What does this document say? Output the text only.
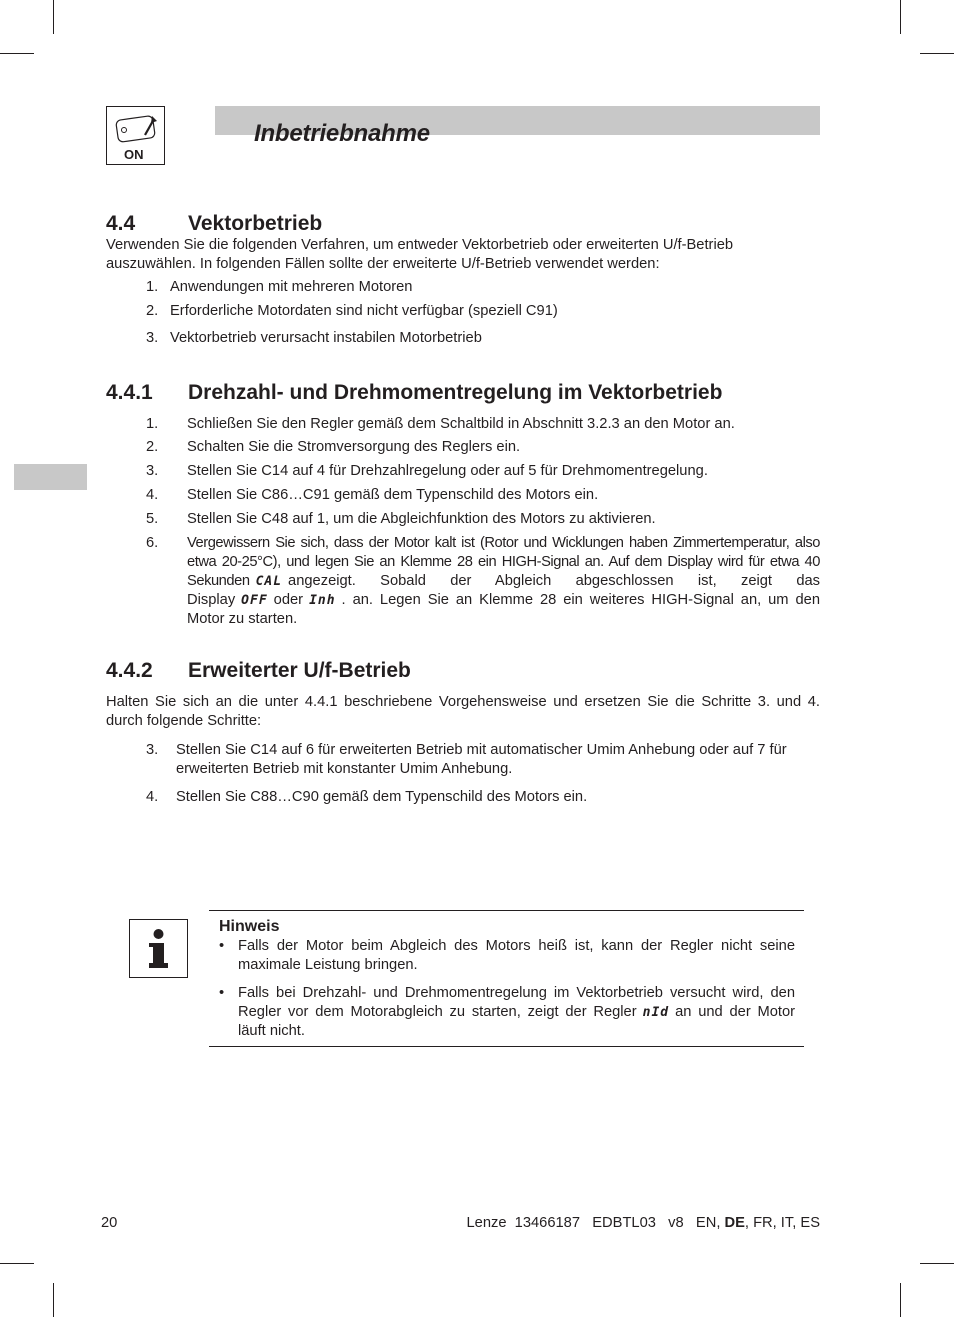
ON
Inbetriebnahme
4.4	Vektorbetrieb
Verwenden Sie die folgenden Verfahren, um entweder Vektorbetrieb oder erweiterten U/f-Betrieb auszuwählen. In folgenden Fällen sollte der erweiterte U/f-Betrieb verwendet werden:
1. Anwendungen mit mehreren Motoren
2. Erforderliche Motordaten sind nicht verfügbar (speziell C91)
3. Vektorbetrieb verursacht instabilen Motorbetrieb
4.4.1 Drehzahl- und Drehmomentregelung im Vektorbetrieb
1. Schließen Sie den Regler gemäß dem Schaltbild in Abschnitt 3.2.3 an den Motor an.
2. Schalten Sie die Stromversorgung des Reglers ein.
3. Stellen Sie C14 auf 4 für Drehzahlregelung oder auf 5 für Drehmomentregelung.
4. Stellen Sie C86…C91 gemäß dem Typenschild des Motors ein.
5. Stellen Sie C48 auf 1, um die Abgleichfunktion des Motors zu aktivieren.
6. Vergewissern Sie sich, dass der Motor kalt ist (Rotor und Wicklungen haben Zimmertemperatur, also etwa 20-25°C), und legen Sie an Klemme 28 ein HIGH-Signal an. Auf dem Display wird für etwa 40 Sekunden CAL angezeigt. Sobald der Abgleich abgeschlossen ist, zeigt das Display OFF oder Inh . an. Legen Sie an Klemme 28 ein weiteres HIGH-Signal an, um den Motor zu starten.
4.4.2 Erweiterter U/f-Betrieb
Halten Sie sich an die unter 4.4.1 beschriebene Vorgehensweise und ersetzen Sie die Schritte 3. und 4. durch folgende Schritte:
3. Stellen Sie C14 auf 6 für erweiterten Betrieb mit automatischer Umim Anhebung oder auf 7 für erweiterten Betrieb mit konstanter Umim Anhebung.
4. Stellen Sie C88…C90 gemäß dem Typenschild des Motors ein.
Hinweis
• Falls der Motor beim Abgleich des Motors heiß ist, kann der Regler nicht seine maximale Leistung bringen.
• Falls bei Drehzahl- und Drehmomentregelung im Vektorbetrieb versucht wird, den Regler vor dem Motorabgleich zu starten, zeigt der Regler nId an und der Motor läuft nicht.
20	Lenze  13466187   EDBTL03   v8   EN, DE, FR, IT, ES
